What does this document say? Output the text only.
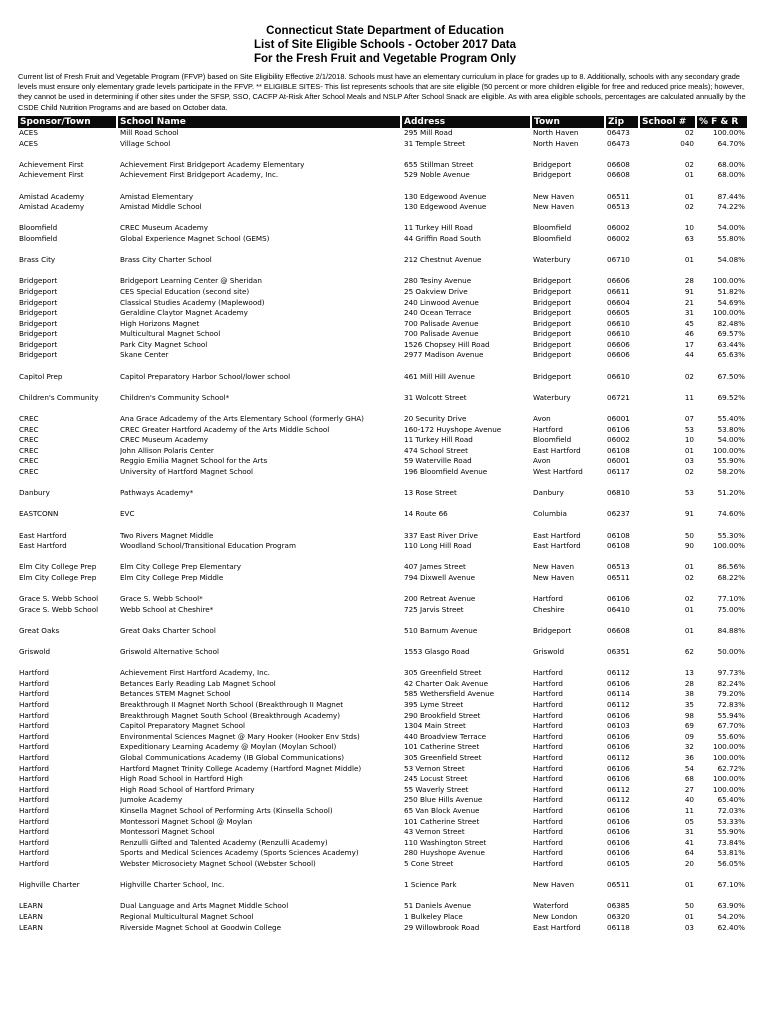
Connecticut State Department of Education
List of Site Eligible Schools - October 2017 Data
For the Fresh Fruit and Vegetable Program Only
Current list of Fresh Fruit and Vegetable Program (FFVP) based on Site Eligibility Effective 2/1/2018. Schools must have an elementary curriculum in place for grades up to 8. Additionally, schools with any secondary grade levels must ensure only elementary grade levels participate in the FFVP. ** ELIGIBLE SITES- This list represents schools that are site eligible (50 percent or more children eligible for free and reduced price meals); however, they cannot be used in determining if other sites under the SFSP, SSO, CACFP At-Risk After School Meals and NSLP After School Snack are eligible. As with area eligible schools, percentages are calculated annually by the CSDE Child Nutrition Programs and are based on October data.
Sponsor/Town	School Name	Address	Town	Zip	School #	% F & R
ACES	Mill Road School	295 Mill Road	North Haven	06473	02	100.00%
ACES	Village School	31 Temple Street	North Haven	06473	040	64.70%
Achievement First	Achievement First Bridgeport Academy Elementary	655 Stillman Street	Bridgeport	06608	02	68.00%
Achievement First	Achievement First Bridgeport Academy, Inc.	529 Noble Avenue	Bridgeport	06608	01	68.00%
Amistad Academy	Amistad Elementary	130 Edgewood Avenue	New Haven	06511	01	87.44%
Amistad Academy	Amistad Middle School	130 Edgewood Avenue	New Haven	06513	02	74.22%
Bloomfield	CREC Museum Academy	11 Turkey Hill Road	Bloomfield	06002	10	54.00%
Bloomfield	Global Experience Magnet School (GEMS)	44 Griffin Road South	Bloomfield	06002	63	55.80%
Brass City	Brass City Charter School	212 Chestnut Avenue	Waterbury	06710	01	54.08%
Bridgeport	Bridgeport Learning Center @ Sheridan	280 Tesiny Avenue	Bridgeport	06606	28	100.00%
Bridgeport	CES Special Education (second site)	25 Oakview Drive	Bridgeport	06611	91	51.82%
Bridgeport	Classical Studies Academy (Maplewood)	240 Linwood Avenue	Bridgeport	06604	21	54.69%
Bridgeport	Geraldine Claytor Magnet Academy	240 Ocean Terrace	Bridgeport	06605	31	100.00%
Bridgeport	High Horizons Magnet	700 Palisade Avenue	Bridgeport	06610	45	82.48%
Bridgeport	Multicultural Magnet School	700 Palisade Avenue	Bridgeport	06610	46	69.57%
Bridgeport	Park City Magnet School	1526 Chopsey Hill Road	Bridgeport	06606	17	63.44%
Bridgeport	Skane Center	2977 Madison Avenue	Bridgeport	06606	44	65.63%
Capitol Prep	Capitol Preparatory Harbor School/lower school	461 Mill Hill Avenue	Bridgeport	06610	02	67.50%
Children's Community	Children's Community School*	31 Wolcott Street	Waterbury	06721	11	69.52%
CREC	Ana Grace Adcademy of the Arts Elementary School (formerly GHA)	20 Security Drive	Avon	06001	07	55.40%
CREC	CREC Greater Hartford Academy of the Arts Middle School	160-172 Huyshope Avenue	Hartford	06106	53	53.80%
CREC	CREC Museum Academy	11 Turkey Hill Road	Bloomfield	06002	10	54.00%
CREC	John Allison Polaris Center	474 School Street	East Hartford	06108	01	100.00%
CREC	Reggio Emilia Magnet School for the Arts	59 Waterville Road	Avon	06001	03	55.90%
CREC	University of Hartford Magnet School	196 Bloomfield Avenue	West Hartford	06117	02	58.20%
Danbury	Pathways Academy*	13 Rose Street	Danbury	06810	53	51.20%
EASTCONN	EVC	14 Route 66	Columbia	06237	91	74.60%
East Hartford	Two Rivers Magnet Middle	337 East River Drive	East Hartford	06108	50	55.30%
East Hartford	Woodland School/Transitional Education Program	110 Long Hill Road	East Hartford	06108	90	100.00%
Elm City College Prep	Elm City College Prep Elementary	407 James Street	New Haven	06513	01	86.56%
Elm City College Prep	Elm City College Prep Middle	794 Dixwell Avenue	New Haven	06511	02	68.22%
Grace S. Webb School	Grace S. Webb School*	200 Retreat Avenue	Hartford	06106	02	77.10%
Grace S. Webb School	Webb School at Cheshire*	725 Jarvis Street	Cheshire	06410	01	75.00%
Great Oaks	Great Oaks Charter School	510 Barnum Avenue	Bridgeport	06608	01	84.88%
Griswold	Griswold Alternative School	1553 Glasgo Road	Griswold	06351	62	50.00%
Hartford	Achievement First Hartford Academy, Inc.	305 Greenfield Street	Hartford	06112	13	97.73%
Hartford	Betances Early Reading Lab Magnet School	42 Charter Oak Avenue	Hartford	06106	28	82.24%
Hartford	Betances STEM Magnet School	585 Wethersfield Avenue	Hartford	06114	38	79.20%
Hartford	Breakthrough II Magnet North School (Breakthrough II Magnet	395 Lyme Street	Hartford	06112	35	72.83%
Hartford	Breakthrough Magnet South School (Breakthrough Academy)	290 Brookfield Street	Hartford	06106	98	55.94%
Hartford	Capitol Preparatory Magnet School	1304 Main Street	Hartford	06103	69	67.70%
Hartford	Environmental Sciences Magnet @ Mary Hooker (Hooker Env Stds)	440 Broadview Terrace	Hartford	06106	09	55.60%
Hartford	Expeditionary Learning Academy @ Moylan (Moylan School)	101 Catherine Street	Hartford	06106	32	100.00%
Hartford	Global Communications Academy (IB Global Communications)	305 Greenfield Street	Hartford	06112	36	100.00%
Hartford	Hartford Magnet Trinity College Academy (Hartford Magnet Middle)	53 Vernon Street	Hartford	06106	54	62.72%
Hartford	High Road School in Hartford High	245 Locust Street	Hartford	06106	68	100.00%
Hartford	High Road School of Hartford Primary	55 Waverly Street	Hartford	06112	27	100.00%
Hartford	Jumoke Academy	250 Blue Hills Avenue	Hartford	06112	40	65.40%
Hartford	Kinsella Magnet School of Performing Arts (Kinsella School)	65 Van Block Avenue	Hartford	06106	11	72.03%
Hartford	Montessori Magnet School @ Moylan	101 Catherine Street	Hartford	06106	05	53.33%
Hartford	Montessori Magnet School	43 Vernon Street	Hartford	06106	31	55.90%
Hartford	Renzulli Gifted and Talented Academy (Renzulli Academy)	110 Washington Street	Hartford	06106	41	73.84%
Hartford	Sports and Medical Sciences Academy (Sports Sciences Academy)	280 Huyshope Avenue	Hartford	06106	64	53.81%
Hartford	Webster Microsociety Magnet School (Webster School)	5 Cone Street	Hartford	06105	20	56.05%
Highville Charter	Highville Charter School, Inc.	1 Science Park	New Haven	06511	01	67.10%
LEARN	Dual Language and Arts Magnet Middle School	51 Daniels Avenue	Waterford	06385	50	63.90%
LEARN	Regional Multicultural Magnet School	1 Bulkeley Place	New London	06320	01	54.20%
LEARN	Riverside Magnet School at Goodwin College	29 Willowbrook Road	East Hartford	06118	03	62.40%
